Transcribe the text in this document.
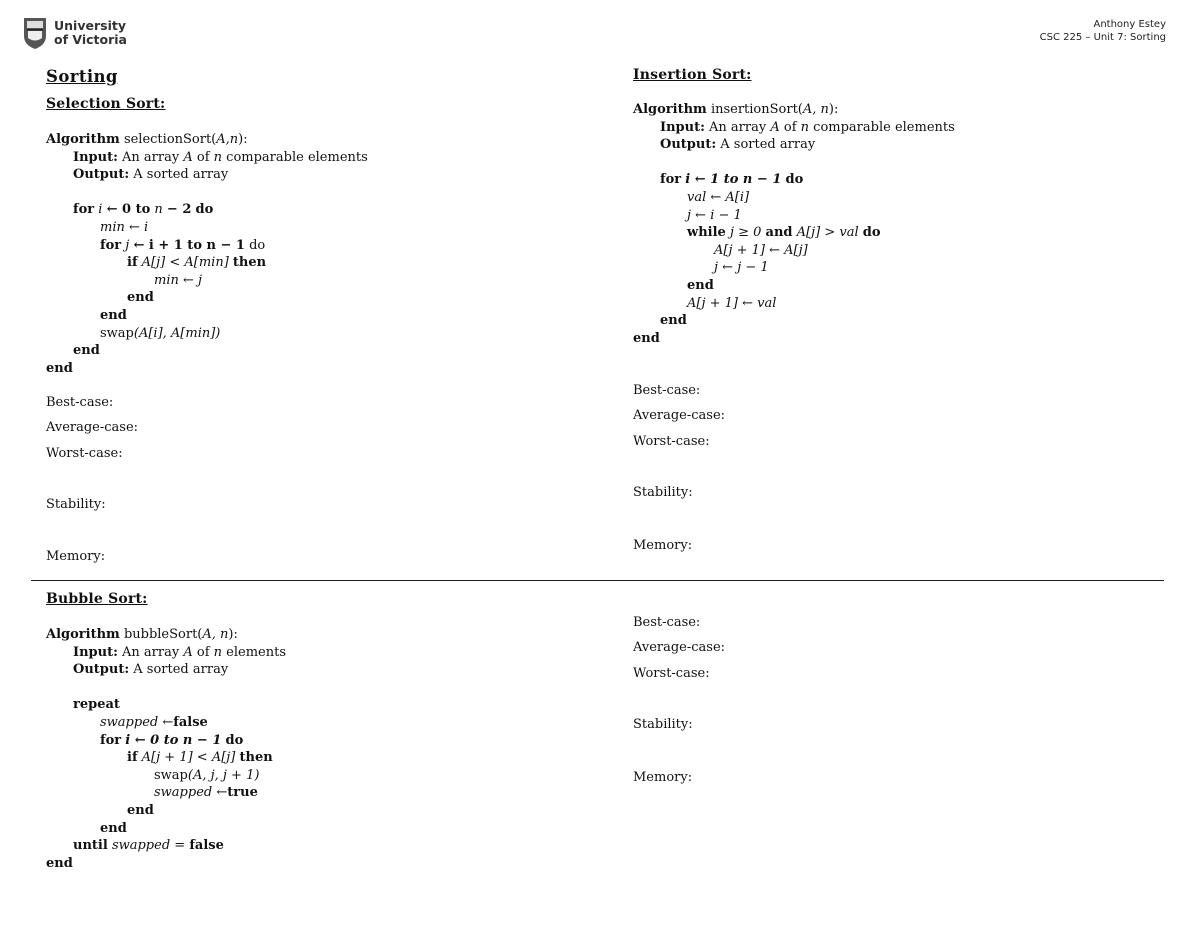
University
of Victoria
Anthony Estey
CSC 225 – Unit 7: Sorting
Sorting
Selection Sort:
Algorithm selectionSort(A,n):
Input: An array A of n comparable elements
Output: A sorted array

for i ← 0 to n − 2 do
min ← i
for j ← i + 1 to n − 1 do
if A[j] < A[min] then
min ← j
end
end
swap(A[i], A[min])
end
end
Best-case:
Average-case:
Worst-case:
Stability:
Memory:
Insertion Sort:
Algorithm insertionSort(A, n):
Input: An array A of n comparable elements
Output: A sorted array

for i ← 1 to n − 1 do
val ← A[i]
j ← i − 1
while j ≥ 0 and A[j] > val do
A[j + 1] ← A[j]
j ← j − 1
end
A[j + 1] ← val
end
end
Best-case:
Average-case:
Worst-case:
Stability:
Memory:
Bubble Sort:
Algorithm bubbleSort(A, n):
Input: An array A of n elements
Output: A sorted array

repeat
swapped ←false
for i ← 0 to n − 1 do
if A[j + 1] < A[j] then
swap(A, j, j + 1)
swapped ←true
end
end
until swapped = false
end
Best-case:
Average-case:
Worst-case:
Stability:
Memory:
